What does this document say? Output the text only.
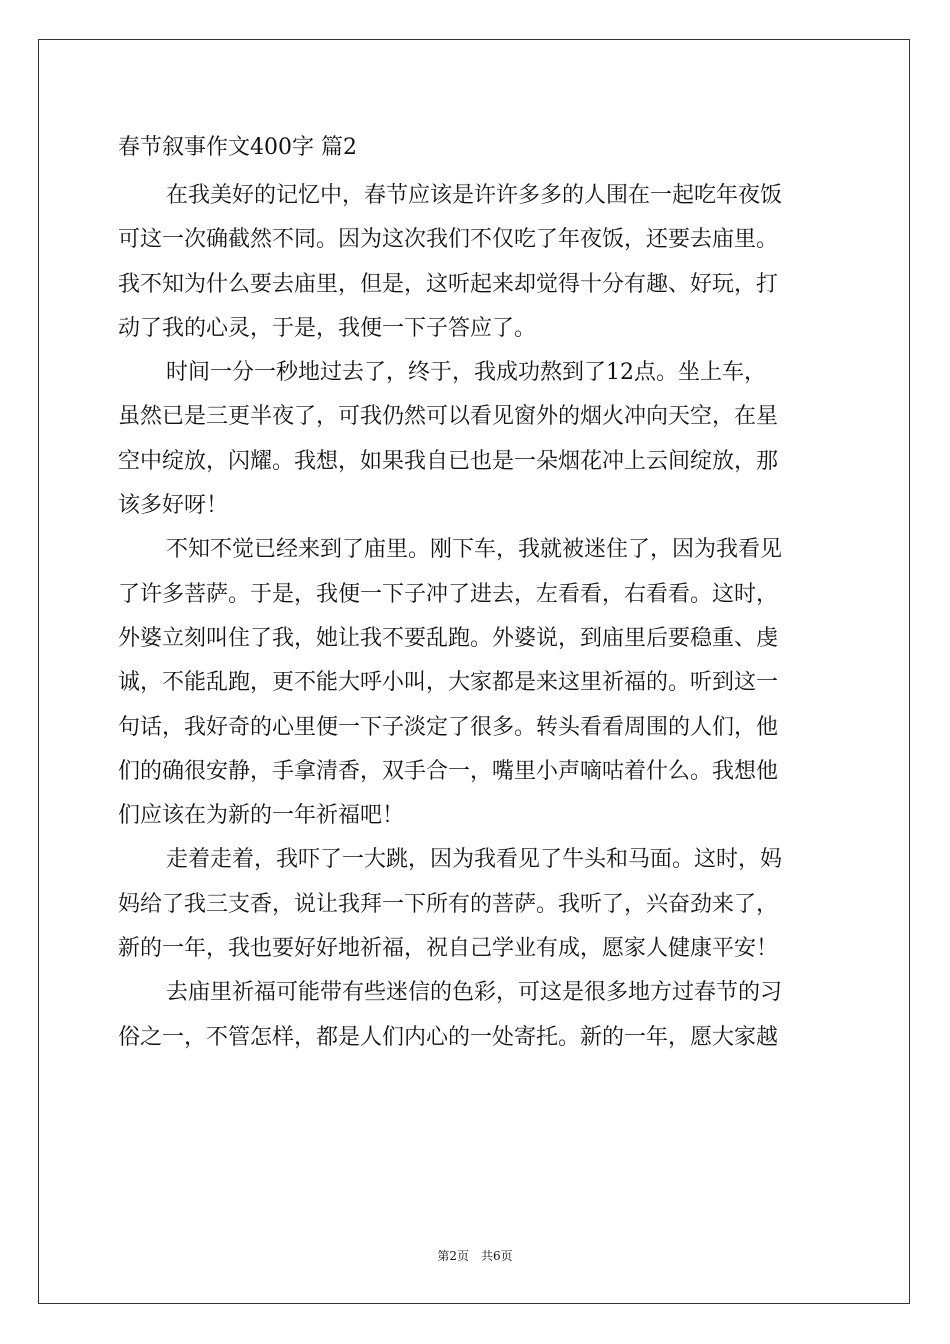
春节叙事作文400字 篇2

在我美好的记忆中，春节应该是许许多多的人围在一起吃年夜饭

可这一次确截然不同。因为这次我们不仅吃了年夜饭，还要去庙里。

我不知为什么要去庙里，但是，这听起来却觉得十分有趣、好玩，打

动了我的心灵，于是，我便一下子答应了。

时间一分一秒地过去了，终于，我成功熬到了12点。坐上车，

虽然已是三更半夜了，可我仍然可以看见窗外的烟火冲向天空，在星

空中绽放，闪耀。我想，如果我自已也是一朵烟花冲上云间绽放，那

该多好呀！

不知不觉已经来到了庙里。刚下车，我就被迷住了，因为我看见

了许多菩萨。于是，我便一下子冲了进去，左看看，右看看。这时，

外婆立刻叫住了我，她让我不要乱跑。外婆说，到庙里后要稳重、虔

诚，不能乱跑，更不能大呼小叫，大家都是来这里祈福的。听到这一

句话，我好奇的心里便一下子淡定了很多。转头看看周围的人们，他

们的确很安静，手拿清香，双手合一，嘴里小声嘀咕着什么。我想他

们应该在为新的一年祈福吧！

走着走着，我吓了一大跳，因为我看见了牛头和马面。这时，妈

妈给了我三支香，说让我拜一下所有的菩萨。我听了，兴奋劲来了，

新的一年，我也要好好地祈福，祝自己学业有成，愿家人健康平安！

去庙里祈福可能带有些迷信的色彩，可这是很多地方过春节的习

俗之一，不管怎样，都是人们内心的一处寄托。新的一年，愿大家越

第2页　共6页
